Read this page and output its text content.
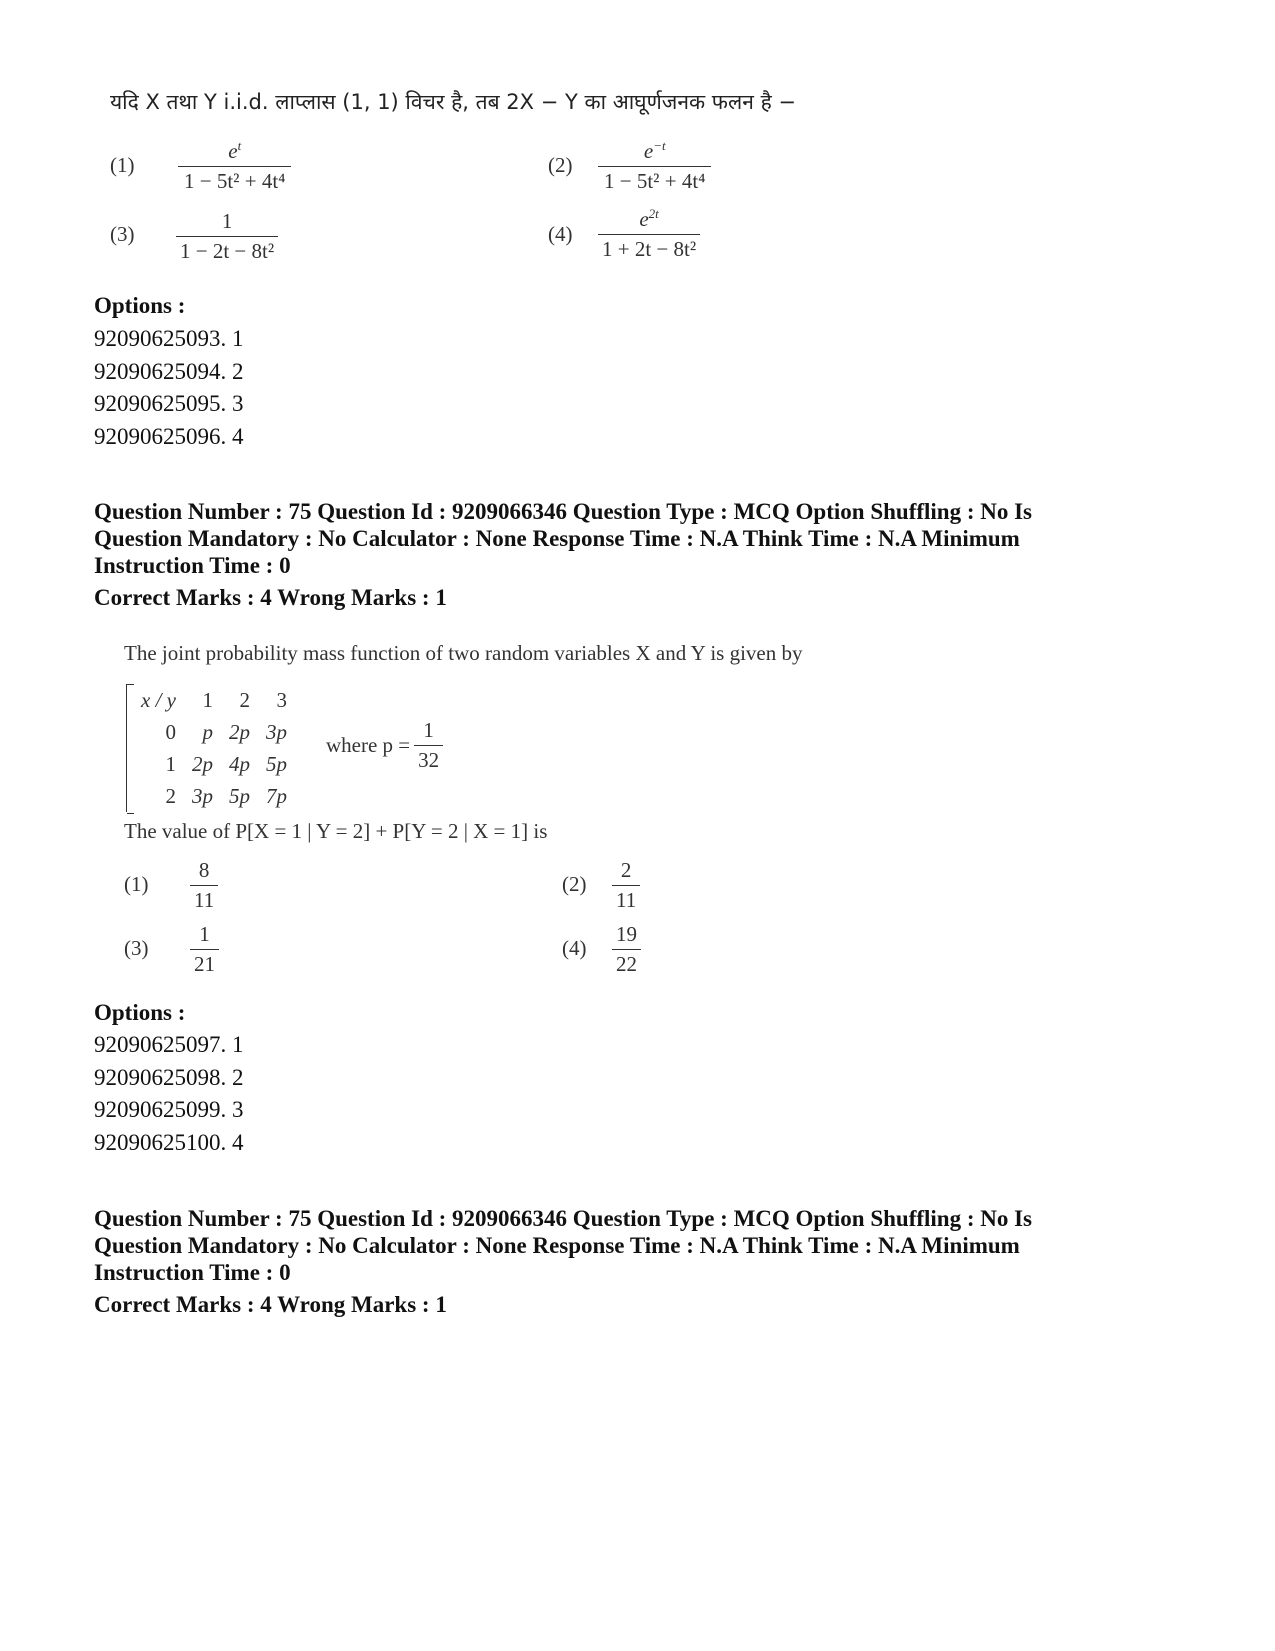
यदि X तथा Y i.i.d. लाप्लास (1, 1) विचर है, तब 2X − Y का आघूर्णजनक फलन है −
$(1) \frac{e^t}{\text{1 − 5t² + 4t⁴}}$	$(2) \frac{e^{-t}}{\text{1 − 5t² + 4t⁴}}$
$(3) \frac{1}{\text{1 − 2t − 8t²}}$	$(4) \frac{e^{2t}}{\text{1 + 2t − 8t²}}$
Options :
92090625093. 1
92090625094. 2
92090625095. 3
92090625096. 4
Question Number : 75 Question Id : 9209066346 Question Type : MCQ Option Shuffling : No Is
Question Mandatory : No Calculator : None Response Time : N.A Think Time : N.A Minimum
Instruction Time : 0
Correct Marks : 4 Wrong Marks : 1
The joint probability mass function of two random variables X and Y is given by
x / y	1	2	3
0	p	2p	3p
1	2p	4p	5p
2	3p	5p	7p
where $p = \frac{1}{32}$
The value of P[X = 1 | Y = 2] + P[Y = 2 | X = 1] is
$(1) \frac{8}{11}$	$(2) \frac{2}{11}$
$(3) \frac{1}{21}$	$(4) \frac{19}{22}$
Options :
92090625097. 1
92090625098. 2
92090625099. 3
92090625100. 4
Question Number : 75 Question Id : 9209066346 Question Type : MCQ Option Shuffling : No Is
Question Mandatory : No Calculator : None Response Time : N.A Think Time : N.A Minimum
Instruction Time : 0
Correct Marks : 4 Wrong Marks : 1
